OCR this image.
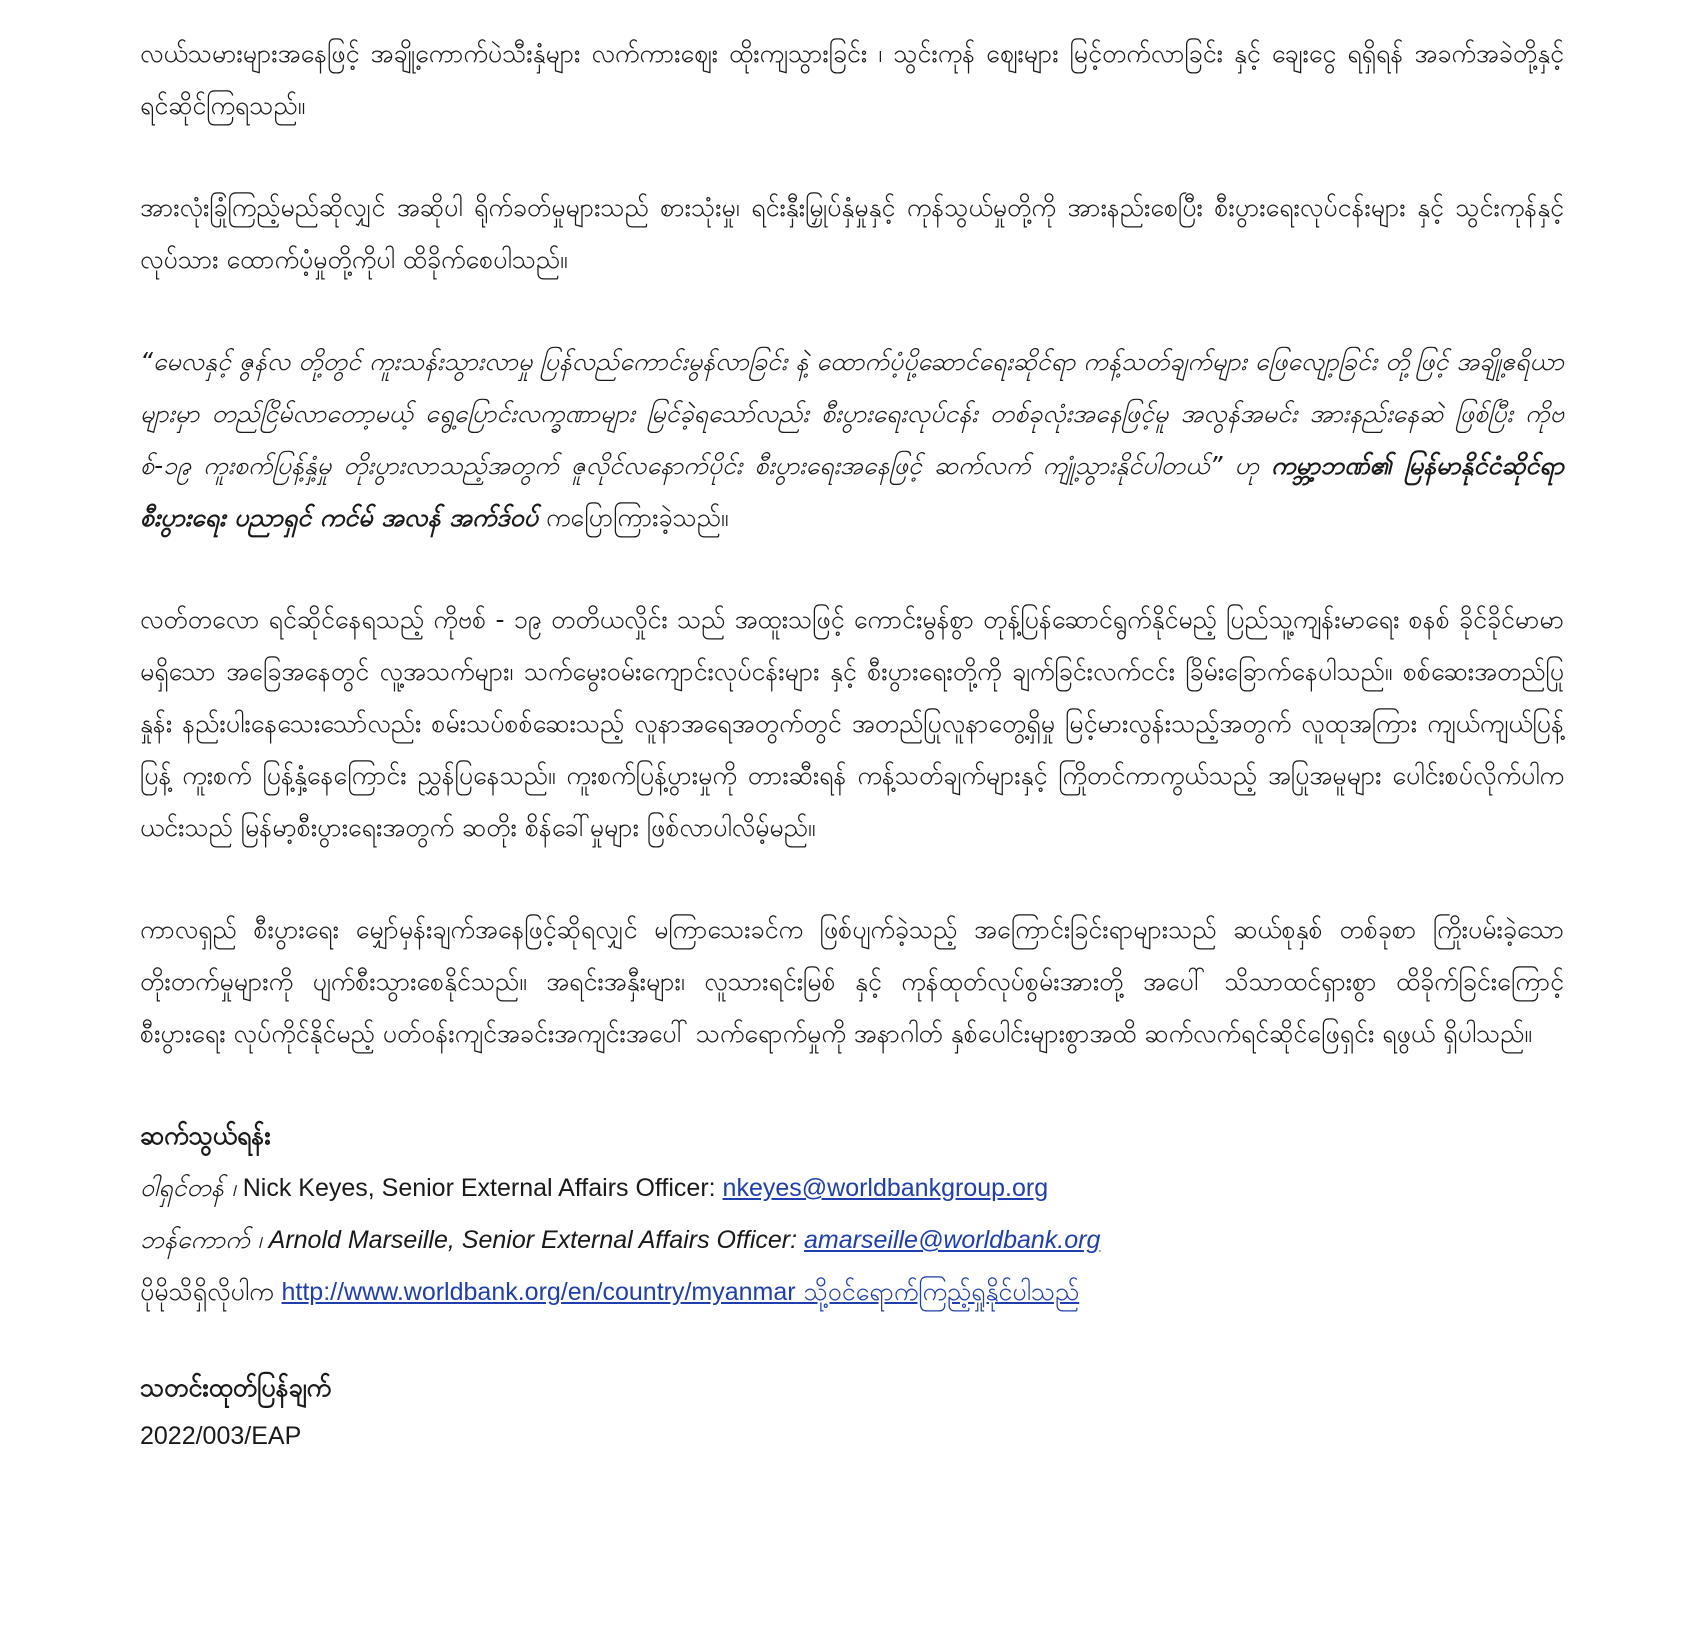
လယ်သမားများအနေဖြင့် အချို့ကောက်ပဲသီးနှံများ လက်ကားဈေး ထိုးကျသွားခြင်း ၊ သွင်းကုန် ဈေးများ မြင့်တက်လာခြင်း နှင့် ချေးငွေ ရရှိရန် အခက်အခဲတို့နှင့် ရင်ဆိုင်ကြရသည်။

အားလုံးခြုံကြည့်မည်ဆိုလျှင် အဆိုပါ ရိုက်ခတ်မှုများသည် စားသုံးမှု၊ ရင်းနှီးမြှုပ်နှံမှုနှင့် ကုန်သွယ်မှုတို့ကို အားနည်းစေပြီး စီးပွားရေးလုပ်ငန်းများ နှင့် သွင်းကုန်နှင့် လုပ်သား ထောက်ပံ့မှုတို့ကိုပါ ထိခိုက်စေပါသည်။

“မေလနှင့် ဇွန်လ တို့တွင် ကူးသန်းသွားလာမှု ပြန်လည်ကောင်းမွန်လာခြင်း နဲ့ ထောက်ပံ့ပို့ဆောင်ရေးဆိုင်ရာ ကန့်သတ်ချက်များ ဖြေလျော့ခြင်း တို့ဖြင့် အချို့ဧရိယာများမှာ တည်ငြိမ်လာတော့မယ့် ရွေ့ပြောင်းလက္ခဏာများ မြင်ခဲ့ရသော်လည်း စီးပွားရေးလုပ်ငန်း တစ်ခုလုံးအနေဖြင့်မူ အလွန်အမင်း အားနည်းနေဆဲ ဖြစ်ပြီး ကိုဗစ်-၁၉ ကူးစက်ပြန့်နှံ့မှု တိုးပွားလာသည့်အတွက် ဇူလိုင်လနောက်ပိုင်း စီးပွားရေးအနေဖြင့် ဆက်လက် ကျုံ့သွားနိုင်ပါတယ်” ဟု ကမ္ဘာ့ဘဏ်၏ မြန်မာနိုင်ငံဆိုင်ရာ စီးပွားရေး ပညာရှင် ကင်မ် အလန် အက်ဒ်ဝပ် ကပြောကြားခဲ့သည်။

လတ်တလော ရင်ဆိုင်နေရသည့် ကိုဗစ် - ၁၉ တတိယလှိုင်း သည် အထူးသဖြင့် ကောင်းမွန်စွာ တုန့်ပြန်ဆောင်ရွက်နိုင်မည့် ပြည်သူ့ကျန်းမာရေး စနစ် ခိုင်ခိုင်မာမာ မရှိသော အခြေအနေတွင် လူ့အသက်များ၊ သက်မွေးဝမ်းကျောင်းလုပ်ငန်းများ နှင့် စီးပွားရေးတို့ကို ချက်ခြင်းလက်ငင်း ခြိမ်းခြောက်နေပါသည်။ စစ်ဆေးအတည်ပြုနှုန်း နည်းပါးနေသေးသော်လည်း စမ်းသပ်စစ်ဆေးသည့် လူနာအရေအတွက်တွင် အတည်ပြုလူနာတွေ့ရှိမှု မြင့်မားလွန်းသည့်အတွက် လူထုအကြား ကျယ်ကျယ်ပြန့်ပြန့် ကူးစက် ပြန့်နှံ့နေကြောင်း ညွှန်ပြနေသည်။ ကူးစက်ပြန့်ပွားမှုကို တားဆီးရန် ကန့်သတ်ချက်များနှင့် ကြိုတင်ကာကွယ်သည့် အပြုအမူများ ပေါင်းစပ်လိုက်ပါက ယင်းသည် မြန်မာ့စီးပွားရေးအတွက် ဆတိုး စိန်ခေါ်မှုများ ဖြစ်လာပါလိမ့်မည်။

ကာလရှည် စီးပွားရေး မျှော်မှန်းချက်အနေဖြင့်ဆိုရလျှင် မကြာသေးခင်က ဖြစ်ပျက်ခဲ့သည့် အကြောင်းခြင်းရာများသည် ဆယ်စုနှစ် တစ်ခုစာ ကြိုးပမ်းခဲ့သော တိုးတက်မှုများကို ပျက်စီးသွားစေနိုင်သည်။ အရင်းအနှီးများ၊ လူသားရင်းမြစ် နှင့် ကုန်ထုတ်လုပ်စွမ်းအားတို့ အပေါ် သိသာထင်ရှားစွာ ထိခိုက်ခြင်းကြောင့် စီးပွားရေး လုပ်ကိုင်နိုင်မည့် ပတ်ဝန်းကျင်အခင်းအကျင်းအပေါ် သက်ရောက်မှုကို အနာဂါတ် နှစ်ပေါင်းများစွာအထိ ဆက်လက်ရင်ဆိုင်ဖြေရှင်း ရဖွယ် ရှိပါသည်။

ဆက်သွယ်ရန်း

ဝါရှင်တန် ၊ Nick Keyes, Senior External Affairs Officer: nkeyes@worldbankgroup.org

ဘန်ကောက် ၊ Arnold Marseille, Senior External Affairs Officer: amarseille@worldbank.org

ပိုမိုသိရှိလိုပါက http://www.worldbank.org/en/country/myanmar သို့ဝင်ရောက်ကြည့်ရှုနိုင်ပါသည်

သတင်းထုတ်ပြန်ချက်

2022/003/EAP
